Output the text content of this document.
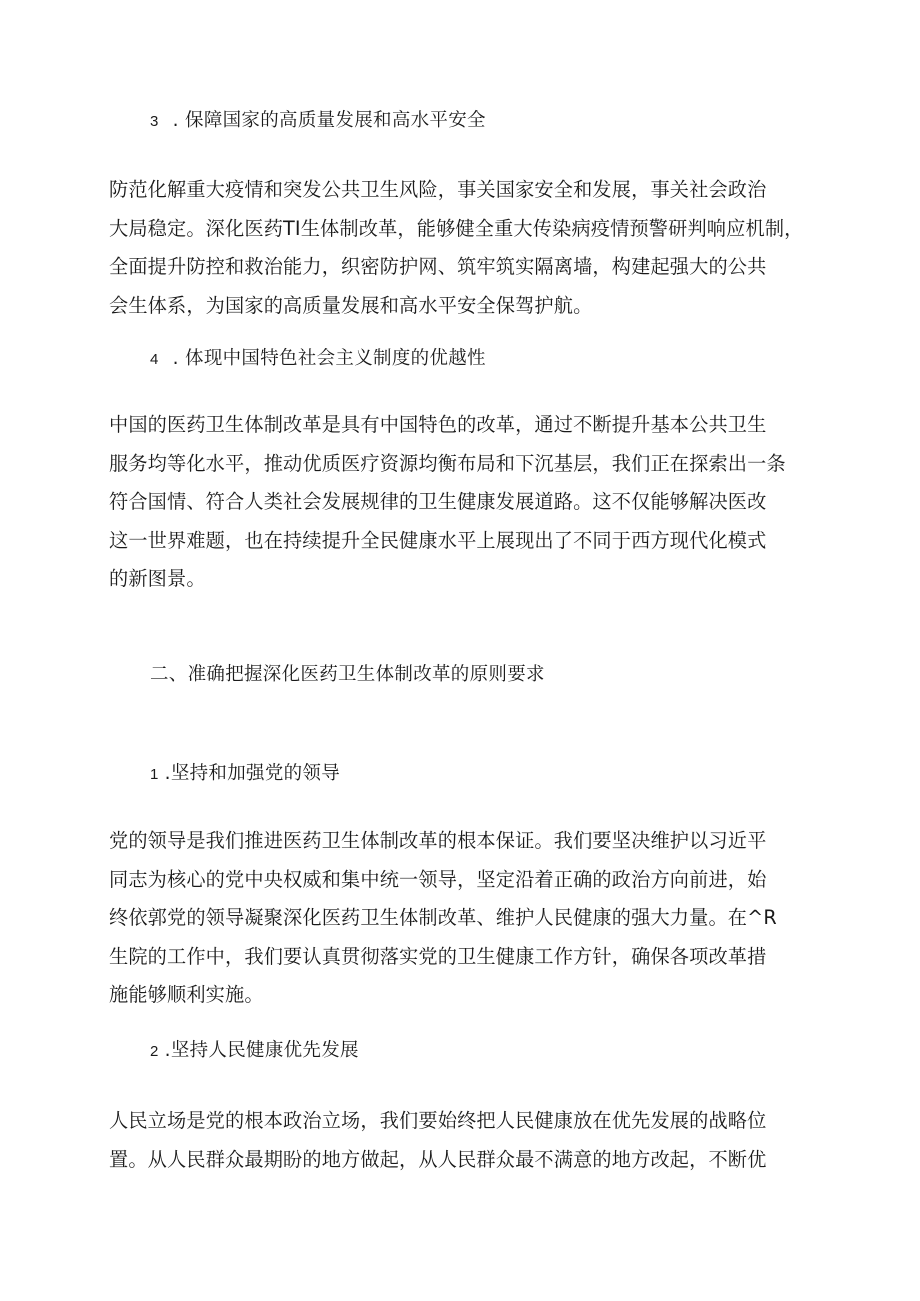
3 . 保障国家的高质量发展和高水平安全
防范化解重大疫情和突发公共卫生风险，事关国家安全和发展，事关社会政治
大局稳定。深化医药TI生体制改革，能够健全重大传染病疫情预警研判响应机制，
全面提升防控和救治能力，织密防护网、筑牢筑实隔离墙，构建起强大的公共
会生体系，为国家的高质量发展和高水平安全保驾护航。
4 . 体现中国特色社会主义制度的优越性
中国的医药卫生体制改革是具有中国特色的改革，通过不断提升基本公共卫生
服务均等化水平，推动优质医疗资源均衡布局和下沉基层，我们正在探索出一条
符合国情、符合人类社会发展规律的卫生健康发展道路。这不仅能够解决医改
这一世界难题，也在持续提升全民健康水平上展现出了不同于西方现代化模式
的新图景。
二、准确把握深化医药卫生体制改革的原则要求
1 .坚持和加强党的领导
党的领导是我们推进医药卫生体制改革的根本保证。我们要坚决维护以习近平
同志为核心的党中央权威和集中统一领导，坚定沿着正确的政治方向前进，始
终依郭党的领导凝聚深化医药卫生体制改革、维护人民健康的强大力量。在^R
生院的工作中，我们要认真贯彻落实党的卫生健康工作方针，确保各项改革措
施能够顺利实施。
2 .坚持人民健康优先发展
人民立场是党的根本政治立场，我们要始终把人民健康放在优先发展的战略位
置。从人民群众最期盼的地方做起，从人民群众最不满意的地方改起，不断优
